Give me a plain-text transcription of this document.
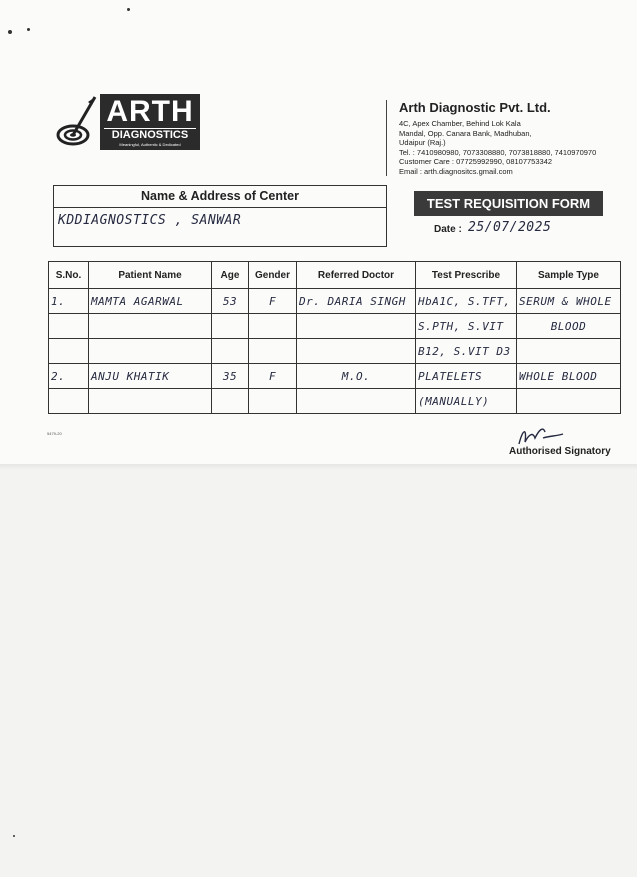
ARTH
DIAGNOSTICS
Meaningful, Authentic & Dedicated
Arth Diagnostic Pvt. Ltd.
4C, Apex Chamber, Behind Lok Kala
Mandal, Opp. Canara Bank, Madhuban,
Udaipur (Raj.)
Tel. : 7410980980, 7073308880, 7073818880, 7410970970
Customer Care : 07725992990, 08107753342
Email : arth.diagnositcs.gmail.com
Name & Address of Center
KDDIAGNOSTICS , SANWAR
TEST REQUISITION FORM
Date : 25/07/2025
S.No.	Patient Name	Age	Gender	Referred Doctor	Test Prescribe	Sample Type
1.	MAMTA AGARWAL	53	F	Dr. DARIA SINGH	HbA1C, S.TFT,	SERUM & WHOLE
					S.PTH, S.VIT	BLOOD
					B12, S.VIT D3	
2.	ANJU KHATIK	35	F	M.O.	PLATELETS	WHOLE BLOOD
					(MANUALLY)	
5479-20
Authorised Signatory
